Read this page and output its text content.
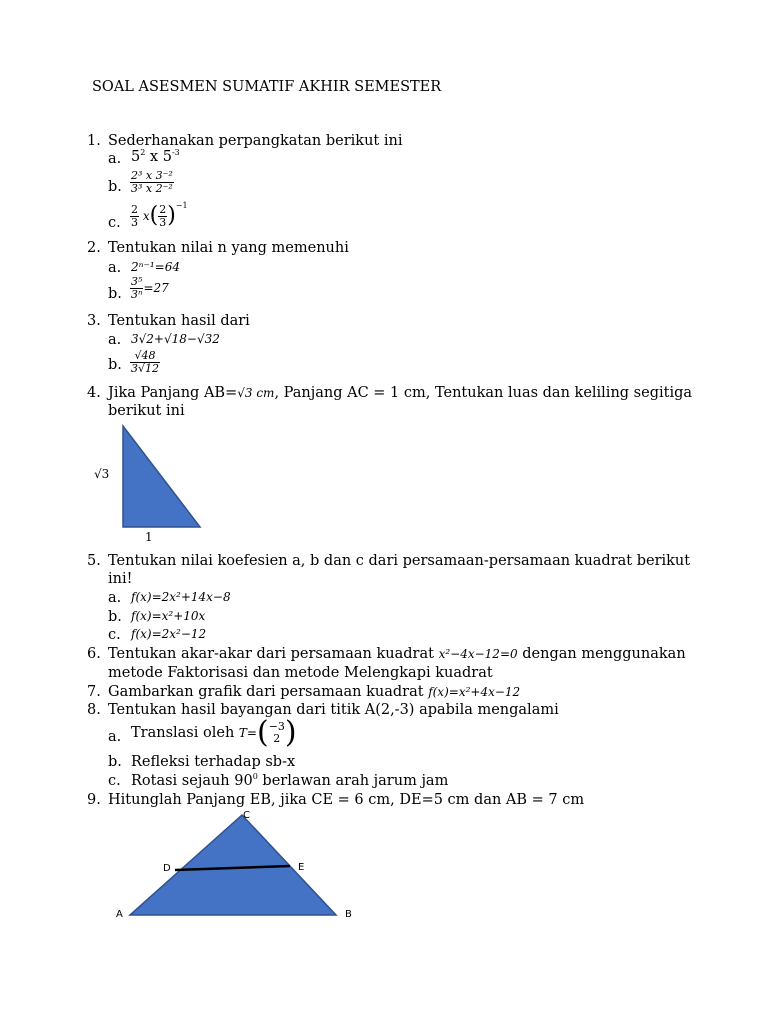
SOAL ASESMEN SUMATIF AKHIR SEMESTER
1. Sederhanakan perpangkatan berikut ini
a. $5^2$ x $5^{-3}$
b. $\frac{\text{2³ x 3⁻²}}{\text{3³ x 2⁻²}}$
c. $\frac{2}{3} x( \frac{2}{3} )^{-1}$
2. Tentukan nilai n yang memenuhi
a. 2ⁿ⁻¹=64
b. $\frac{\text{3⁵}}{\text{3ⁿ}} =27$
3. Tentukan hasil dari
a. 3√2+√18−√32
b. $\frac{√48}{3√12}$
4. Jika Panjang AB=√3 cm, Panjang AC = 1 cm, Tentukan luas dan keliling segitiga
berikut ini
√3
1
5. Tentukan nilai koefesien a, b dan c dari persamaan-persamaan kuadrat berikut
ini!
a. f(x)=2x²+14x−8
b. f(x)=x²+10x
c. f(x)=2x²−12
6. Tentukan akar-akar dari persamaan kuadrat x²−4x−12=0 dengan menggunakan
metode Faktorisasi dan metode Melengkapi kuadrat
7. Gambarkan grafik dari persamaan kuadrat f(x)=x²+4x−12
8. Tentukan hasil bayangan dari titik A(2,-3) apabila mengalami
a. Translasi oleh T=( −3
2 )
b. Refleksi terhadap sb-x
c. Rotasi sejauh $90^0$ berlawan arah jarum jam
9. Hitunglah Panjang EB, jika CE = 6 cm, DE=5 cm dan AB = 7 cm
C
D	E
A	B
